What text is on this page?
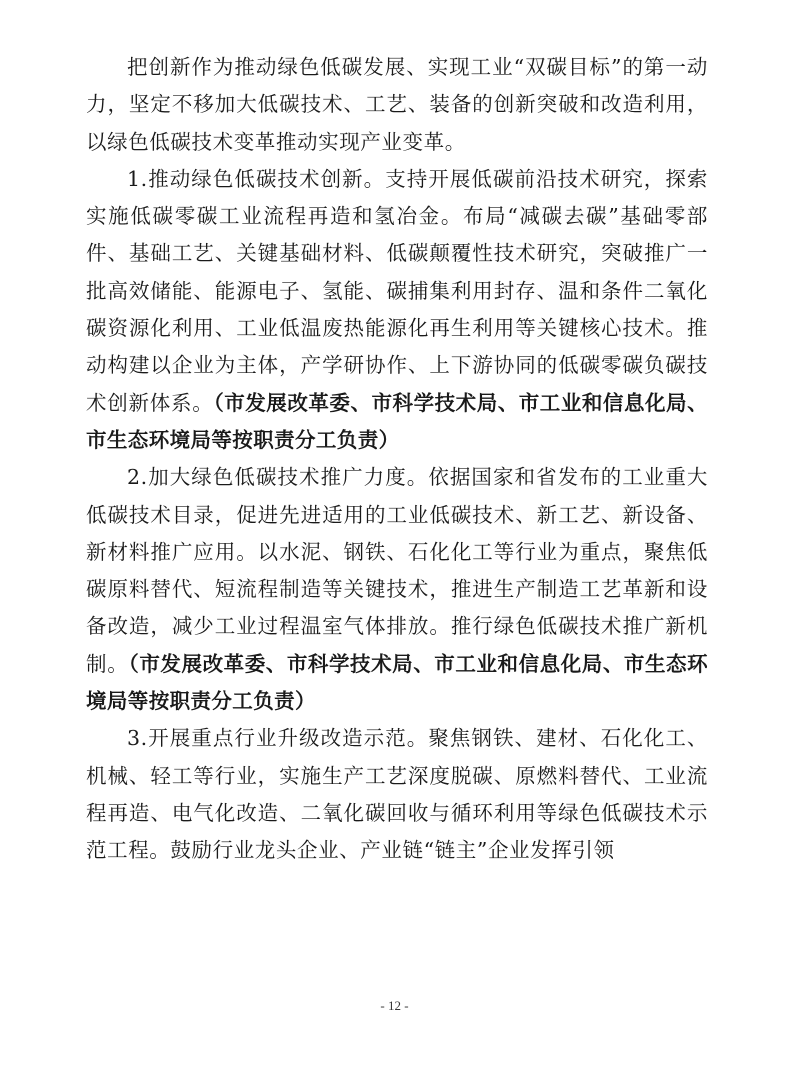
把创新作为推动绿色低碳发展、实现工业“双碳目标”的第一动力，坚定不移加大低碳技术、工艺、装备的创新突破和改造利用，以绿色低碳技术变革推动实现产业变革。

1.推动绿色低碳技术创新。支持开展低碳前沿技术研究，探索实施低碳零碳工业流程再造和氢冶金。布局“减碳去碳”基础零部件、基础工艺、关键基础材料、低碳颠覆性技术研究，突破推广一批高效储能、能源电子、氢能、碳捕集利用封存、温和条件二氧化碳资源化利用、工业低温废热能源化再生利用等关键核心技术。推动构建以企业为主体，产学研协作、上下游协同的低碳零碳负碳技术创新体系。（市发展改革委、市科学技术局、市工业和信息化局、市生态环境局等按职责分工负责）

2.加大绿色低碳技术推广力度。依据国家和省发布的工业重大低碳技术目录，促进先进适用的工业低碳技术、新工艺、新设备、新材料推广应用。以水泥、钢铁、石化化工等行业为重点，聚焦低碳原料替代、短流程制造等关键技术，推进生产制造工艺革新和设备改造，减少工业过程温室气体排放。推行绿色低碳技术推广新机制。（市发展改革委、市科学技术局、市工业和信息化局、市生态环境局等按职责分工负责）

3.开展重点行业升级改造示范。聚焦钢铁、建材、石化化工、机械、轻工等行业，实施生产工艺深度脱碳、原燃料替代、工业流程再造、电气化改造、二氧化碳回收与循环利用等绿色低碳技术示范工程。鼓励行业龙头企业、产业链“链主”企业发挥引领

- 12 -
